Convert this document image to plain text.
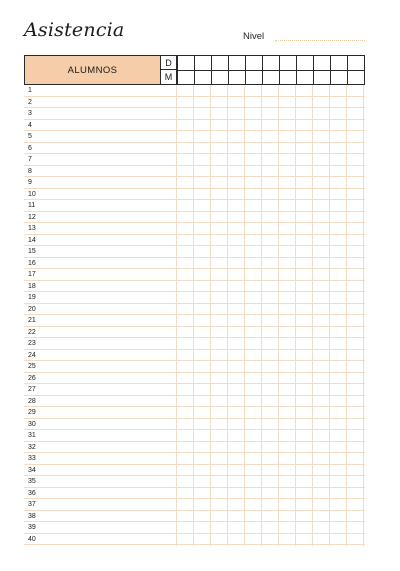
Asistencia	Nivel
ALUMNOS
D
M
1
2
3
4
5
6
7
8
9
10
11
12
13
14
15
16
17
18
19
20
21
22
23
24
25
26
27
28
29
30
31
32
33
34
35
36
37
38
39
40
